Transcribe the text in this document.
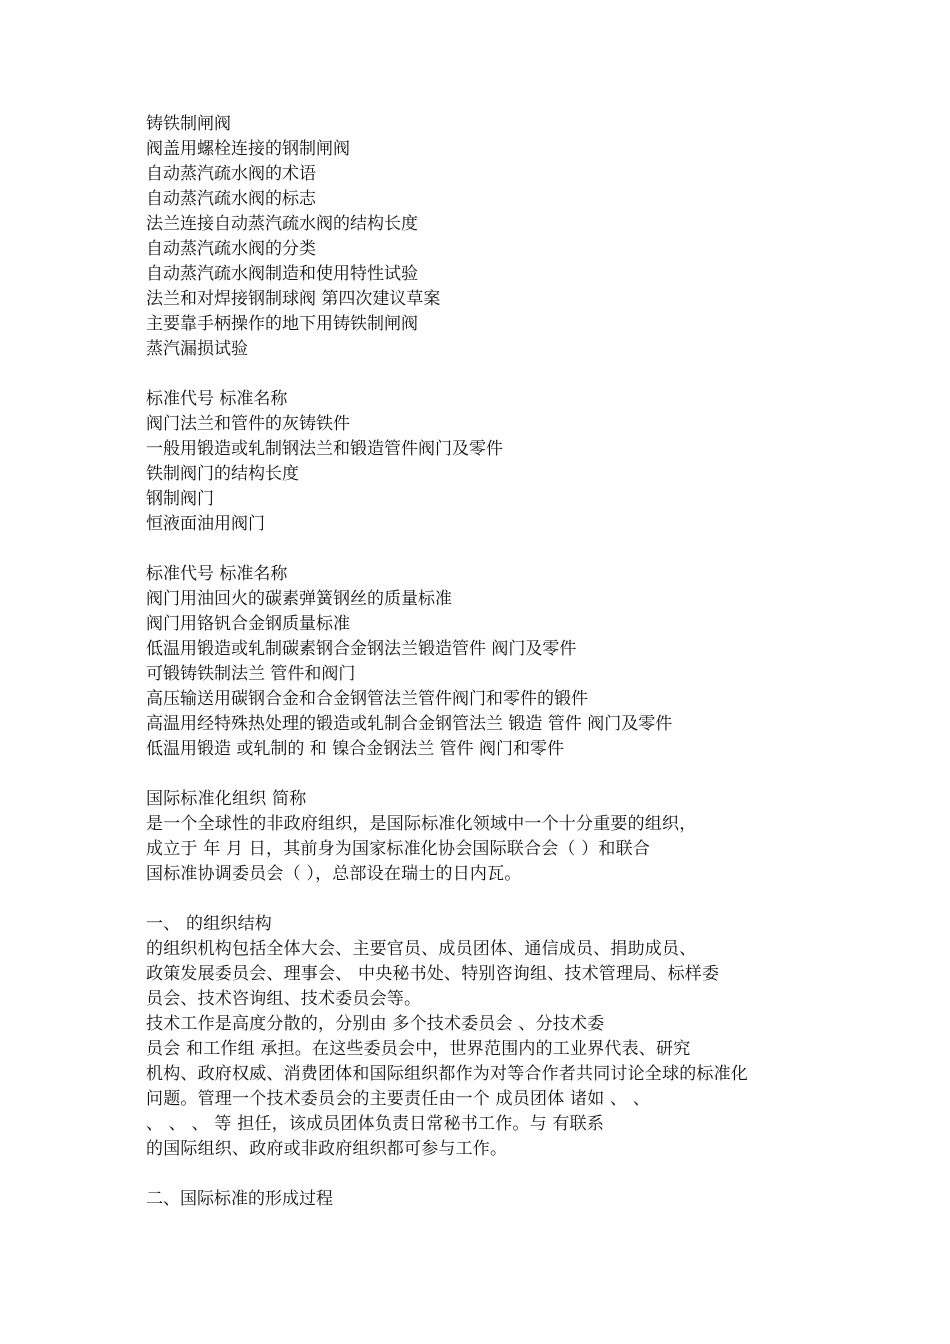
铸铁制闸阀
阀盖用螺栓连接的钢制闸阀
自动蒸汽疏水阀的术语
自动蒸汽疏水阀的标志
法兰连接自动蒸汽疏水阀的结构长度
自动蒸汽疏水阀的分类
自动蒸汽疏水阀制造和使用特性试验
法兰和对焊接钢制球阀 第四次建议草案
主要靠手柄操作的地下用铸铁制闸阀
蒸汽漏损试验
标准代号 标准名称
阀门法兰和管件的灰铸铁件
一般用锻造或轧制钢法兰和锻造管件阀门及零件
铁制阀门的结构长度
钢制阀门
恒液面油用阀门
标准代号 标准名称
阀门用油回火的碳素弹簧钢丝的质量标准
阀门用铬钒合金钢质量标准
低温用锻造或轧制碳素钢合金钢法兰锻造管件 阀门及零件
可锻铸铁制法兰 管件和阀门
高压输送用碳钢合金和合金钢管法兰管件阀门和零件的锻件
高温用经特殊热处理的锻造或轧制合金钢管法兰 锻造 管件 阀门及零件
低温用锻造 或轧制的 和 镍合金钢法兰 管件 阀门和零件
国际标准化组织 简称
是一个全球性的非政府组织，是国际标准化领域中一个十分重要的组织，
成立于 年 月 日，其前身为国家标准化协会国际联合会（ ）和联合
国标准协调委员会（ ），总部设在瑞士的日内瓦。
一、 的组织结构
的组织机构包括全体大会、主要官员、成员团体、通信成员、捐助成员、
政策发展委员会、理事会、 中央秘书处、特别咨询组、技术管理局、标样委
员会、技术咨询组、技术委员会等。
技术工作是高度分散的，分别由 多个技术委员会 、分技术委
员会 和工作组 承担。在这些委员会中，世界范围内的工业界代表、研究
机构、政府权威、消费团体和国际组织都作为对等合作者共同讨论全球的标准化
问题。管理一个技术委员会的主要责任由一个 成员团体 诸如 、 、
、 、 、 等 担任，该成员团体负责日常秘书工作。与 有联系
的国际组织、政府或非政府组织都可参与工作。
二、国际标准的形成过程
